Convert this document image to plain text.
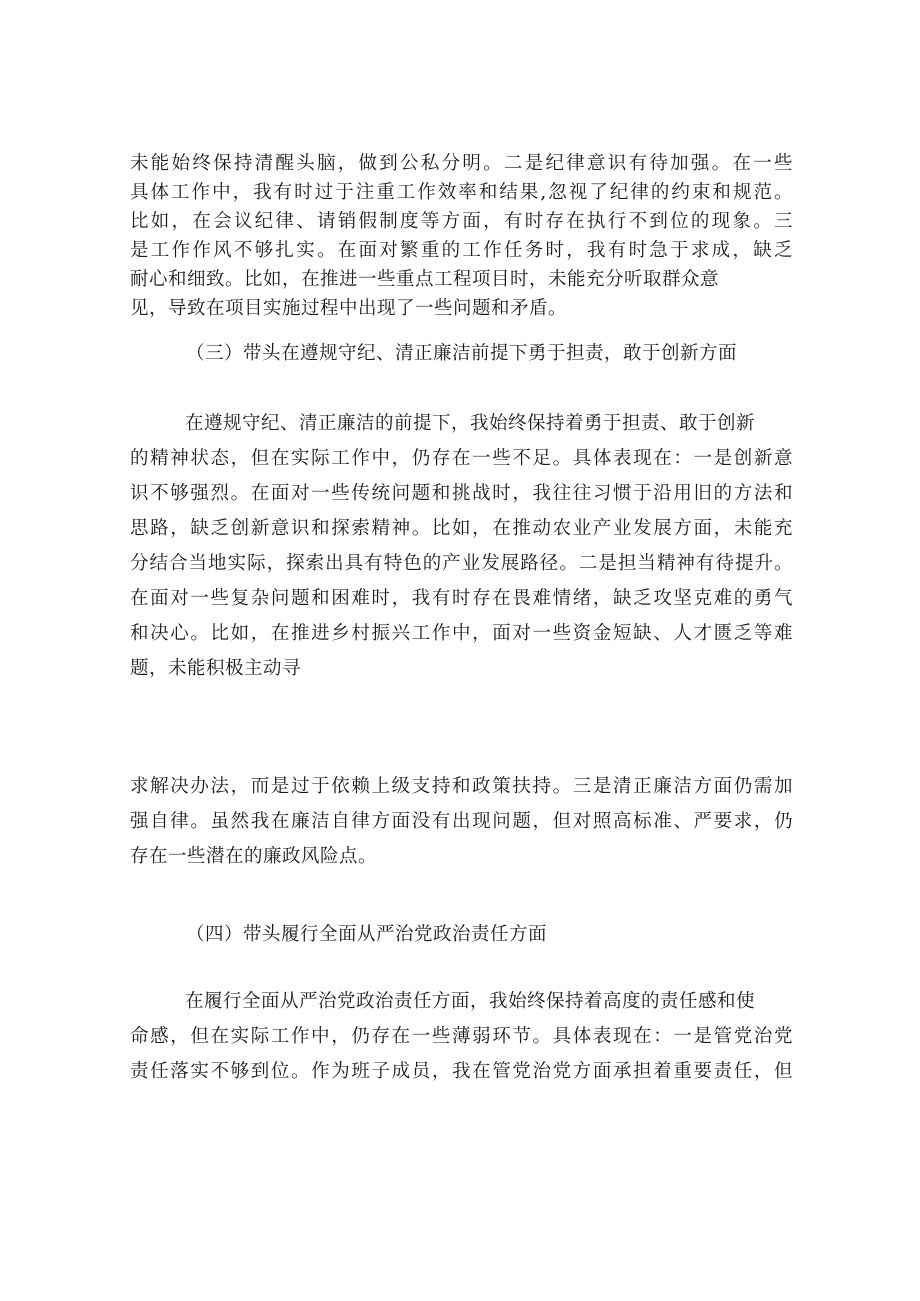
未能始终保持清醒头脑，做到公私分明。二是纪律意识有待加强。在一些
具体工作中，我有时过于注重工作效率和结果,忽视了纪律的约束和规范。
比如，在会议纪律、请销假制度等方面，有时存在执行不到位的现象。三
是工作作风不够扎实。在面对繁重的工作任务时，我有时急于求成，缺乏
耐心和细致。比如，在推进一些重点工程项目时，未能充分听取群众意
见，导致在项目实施过程中出现了一些问题和矛盾。
（三）带头在遵规守纪、清正廉洁前提下勇于担责，敢于创新方面
在遵规守纪、清正廉洁的前提下，我始终保持着勇于担责、敢于创新
的精神状态，但在实际工作中，仍存在一些不足。具体表现在：一是创新意
识不够强烈。在面对一些传统问题和挑战时，我往往习惯于沿用旧的方法和
思路，缺乏创新意识和探索精神。比如，在推动农业产业发展方面，未能充
分结合当地实际，探索出具有特色的产业发展路径。二是担当精神有待提升。
在面对一些复杂问题和困难时，我有时存在畏难情绪，缺乏攻坚克难的勇气
和决心。比如，在推进乡村振兴工作中，面对一些资金短缺、人才匮乏等难
题，未能积极主动寻
求解决办法，而是过于依赖上级支持和政策扶持。三是清正廉洁方面仍需加
强自律。虽然我在廉洁自律方面没有出现问题，但对照高标准、严要求，仍
存在一些潜在的廉政风险点。
（四）带头履行全面从严治党政治责任方面
在履行全面从严治党政治责任方面，我始终保持着高度的责任感和使
命感，但在实际工作中，仍存在一些薄弱环节。具体表现在：一是管党治党
责任落实不够到位。作为班子成员，我在管党治党方面承担着重要责任，但
